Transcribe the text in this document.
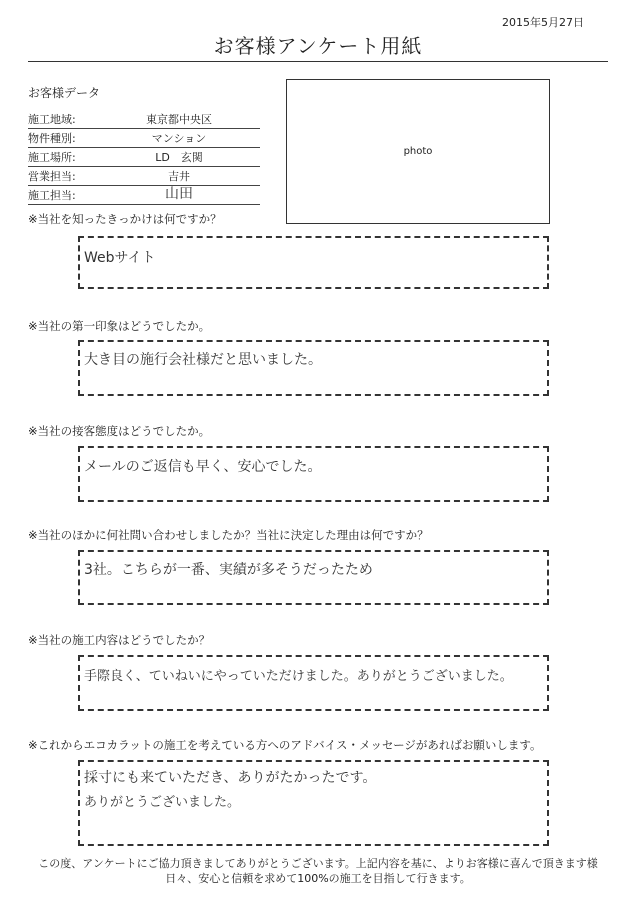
2015年5月27日
お客様アンケート用紙
お客様データ
施工地域:	東京都中央区
物件種別:	マンション
施工場所:	LD　玄関
営業担当:	吉井
施工担当:	山田
photo
※当社を知ったきっかけは何ですか？
Webサイト
※当社の第一印象はどうでしたか。
大き目の施行会社様だと思いました。
※当社の接客態度はどうでしたか。
メールのご返信も早く、安心でした。
※当社のほかに何社問い合わせしましたか？当社に決定した理由は何ですか？
3社。こちらが一番、実績が多そうだったため
※当社の施工内容はどうでしたか？
手際良く、ていねいにやっていただけました。ありがとうございました。
※これからエコカラットの施工を考えている方へのアドバイス・メッセージがあればお願いします。
採寸にも来ていただき、ありがたかったです。
ありがとうございました。
この度、アンケートにご協力頂きましてありがとうございます。上記内容を基に、よりお客様に喜んで頂きます様
日々、安心と信頼を求めて100%の施工を目指して行きます。
